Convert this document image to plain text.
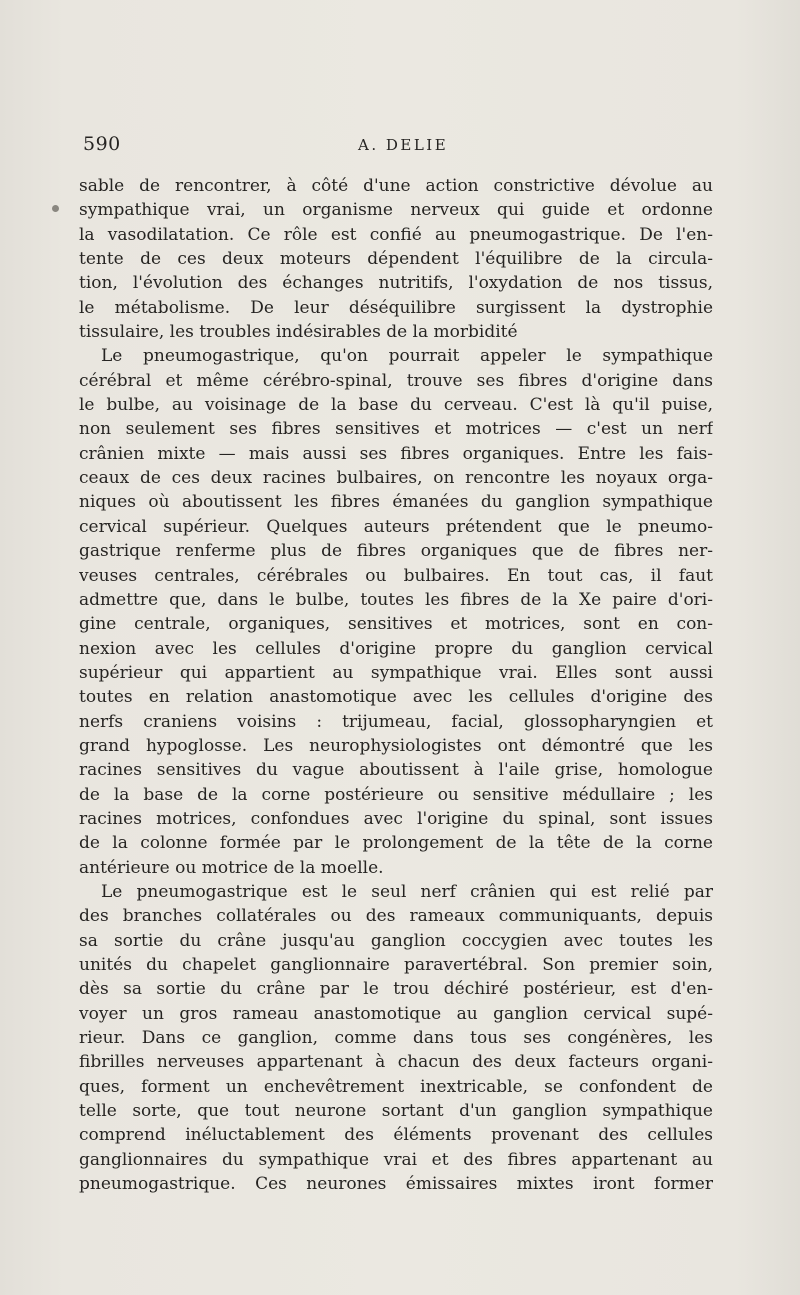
590	A. DELIE
sable de rencontrer, à côté d'une action constrictive dévolue au
sympathique vrai, un organisme nerveux qui guide et ordonne
la vasodilatation. Ce rôle est confié au pneumogastrique. De l'en-
tente de ces deux moteurs dépendent l'équilibre de la circula-
tion, l'évolution des échanges nutritifs, l'oxydation de nos tissus,
le métabolisme. De leur déséquilibre surgissent la dystrophie
tissulaire, les troubles indésirables de la morbidité
Le pneumogastrique, qu'on pourrait appeler le sympathique
cérébral et même cérébro-spinal, trouve ses fibres d'origine dans
le bulbe, au voisinage de la base du cerveau. C'est là qu'il puise,
non seulement ses fibres sensitives et motrices — c'est un nerf
crânien mixte — mais aussi ses fibres organiques. Entre les fais-
ceaux de ces deux racines bulbaires, on rencontre les noyaux orga-
niques où aboutissent les fibres émanées du ganglion sympathique
cervical supérieur. Quelques auteurs prétendent que le pneumo-
gastrique renferme plus de fibres organiques que de fibres ner-
veuses centrales, cérébrales ou bulbaires. En tout cas, il faut
admettre que, dans le bulbe, toutes les fibres de la Xe paire d'ori-
gine centrale, organiques, sensitives et motrices, sont en con-
nexion avec les cellules d'origine propre du ganglion cervical
supérieur qui appartient au sympathique vrai. Elles sont aussi
toutes en relation anastomotique avec les cellules d'origine des
nerfs craniens voisins : trijumeau, facial, glossopharyngien et
grand hypoglosse. Les neurophysiologistes ont démontré que les
racines sensitives du vague aboutissent à l'aile grise, homologue
de la base de la corne postérieure ou sensitive médullaire ; les
racines motrices, confondues avec l'origine du spinal, sont issues
de la colonne formée par le prolongement de la tête de la corne
antérieure ou motrice de la moelle.
Le pneumogastrique est le seul nerf crânien qui est relié par
des branches collatérales ou des rameaux communiquants, depuis
sa sortie du crâne jusqu'au ganglion coccygien avec toutes les
unités du chapelet ganglionnaire paravertébral. Son premier soin,
dès sa sortie du crâne par le trou déchiré postérieur, est d'en-
voyer un gros rameau anastomotique au ganglion cervical supé-
rieur. Dans ce ganglion, comme dans tous ses congénères, les
fibrilles nerveuses appartenant à chacun des deux facteurs organi-
ques, forment un enchevêtrement inextricable, se confondent de
telle sorte, que tout neurone sortant d'un ganglion sympathique
comprend inéluctablement des éléments provenant des cellules
ganglionnaires du sympathique vrai et des fibres appartenant au
pneumogastrique. Ces neurones émissaires mixtes iront former
